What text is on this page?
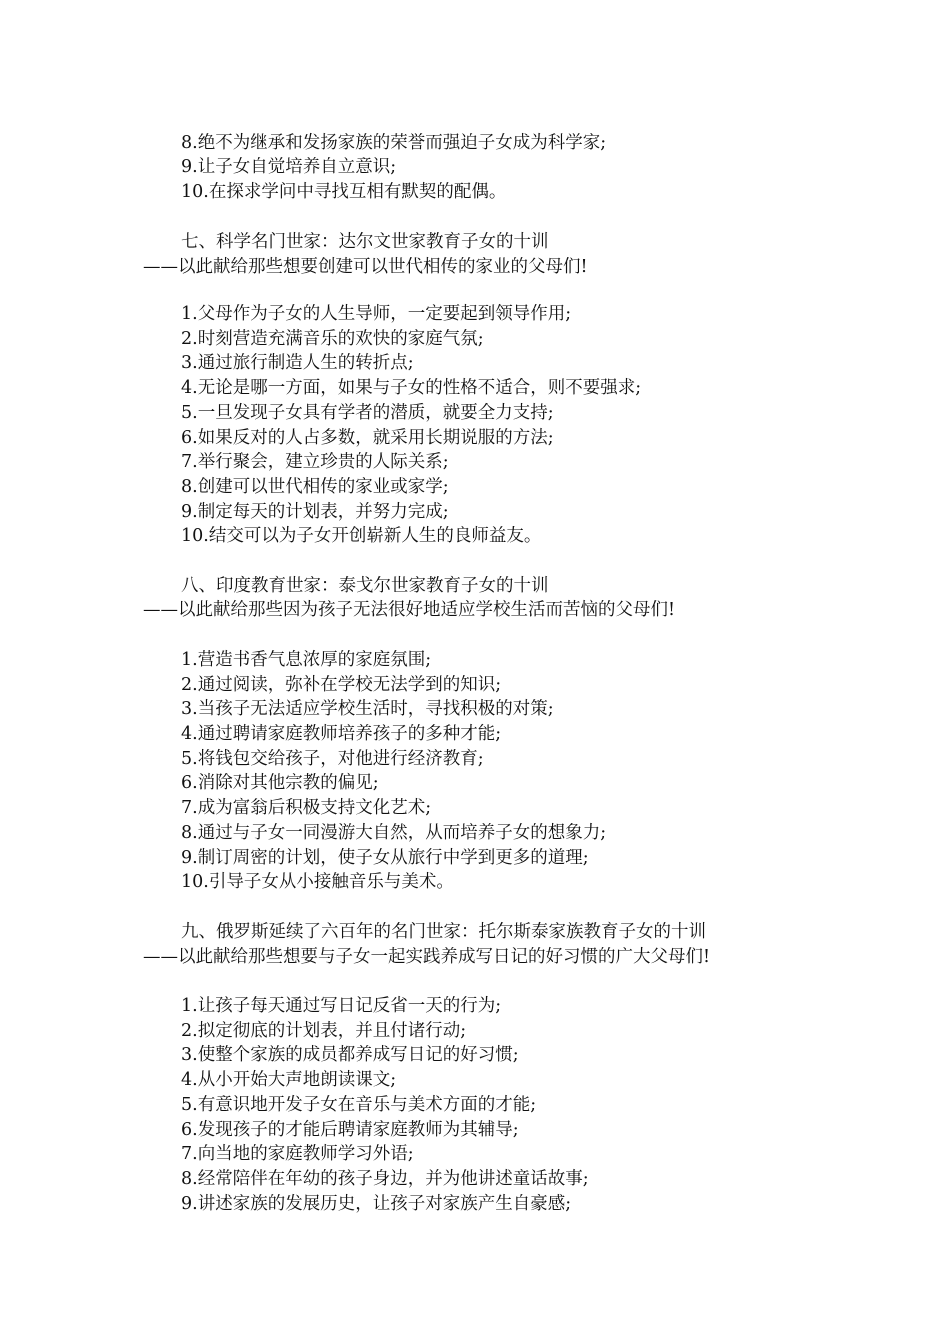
8.绝不为继承和发扬家族的荣誉而强迫子女成为科学家;
9.让子女自觉培养自立意识;
10.在探求学问中寻找互相有默契的配偶。
七、科学名门世家：达尔文世家教育子女的十训
——以此献给那些想要创建可以世代相传的家业的父母们!
1.父母作为子女的人生导师，一定要起到领导作用;
2.时刻营造充满音乐的欢快的家庭气氛;
3.通过旅行制造人生的转折点;
4.无论是哪一方面，如果与子女的性格不适合，则不要强求;
5.一旦发现子女具有学者的潜质，就要全力支持;
6.如果反对的人占多数，就采用长期说服的方法;
7.举行聚会，建立珍贵的人际关系;
8.创建可以世代相传的家业或家学;
9.制定每天的计划表，并努力完成;
10.结交可以为子女开创崭新人生的良师益友。
八、印度教育世家：泰戈尔世家教育子女的十训
——以此献给那些因为孩子无法很好地适应学校生活而苦恼的父母们!
1.营造书香气息浓厚的家庭氛围;
2.通过阅读，弥补在学校无法学到的知识;
3.当孩子无法适应学校生活时，寻找积极的对策;
4.通过聘请家庭教师培养孩子的多种才能;
5.将钱包交给孩子，对他进行经济教育;
6.消除对其他宗教的偏见;
7.成为富翁后积极支持文化艺术;
8.通过与子女一同漫游大自然，从而培养子女的想象力;
9.制订周密的计划，使子女从旅行中学到更多的道理;
10.引导子女从小接触音乐与美术。
九、俄罗斯延续了六百年的名门世家：托尔斯泰家族教育子女的十训
——以此献给那些想要与子女一起实践养成写日记的好习惯的广大父母们!
1.让孩子每天通过写日记反省一天的行为;
2.拟定彻底的计划表，并且付诸行动;
3.使整个家族的成员都养成写日记的好习惯;
4.从小开始大声地朗读课文;
5.有意识地开发子女在音乐与美术方面的才能;
6.发现孩子的才能后聘请家庭教师为其辅导;
7.向当地的家庭教师学习外语;
8.经常陪伴在年幼的孩子身边，并为他讲述童话故事;
9.讲述家族的发展历史，让孩子对家族产生自豪感;
